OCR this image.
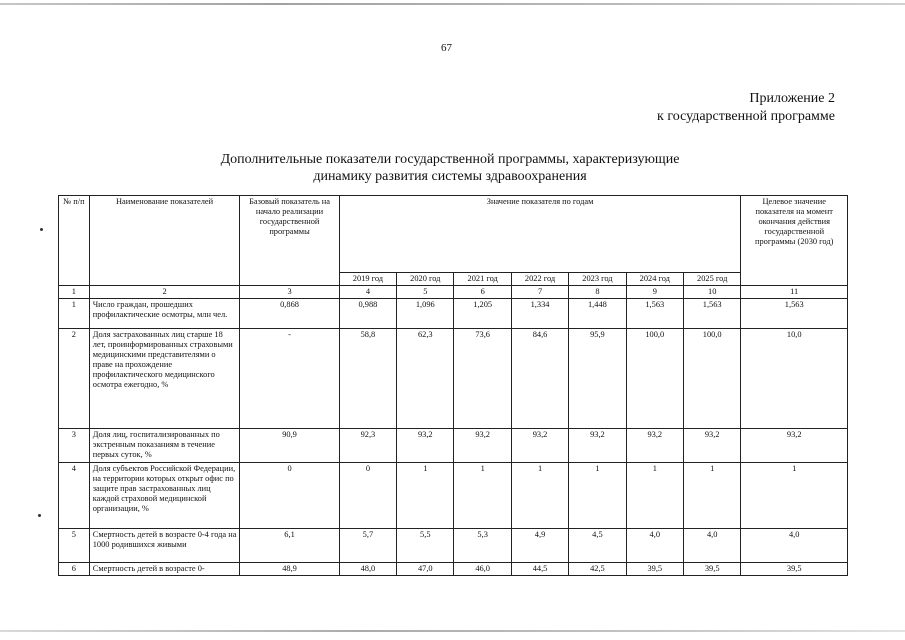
67
Приложение 2
к государственной программе
Дополнительные показатели государственной программы, характеризующие
динамику развития системы здравоохранения
№ п/п	Наименование показателей	Базовый показатель на начало реализации государственной программы	Значение показателя по годам							Целевое значение показателя на момент окончания действия государственной программы (2030 год)
			2019 год	2020 год	2021 год	2022 год	2023 год	2024 год	2025 год	
1	2	3	4	5	6	7	8	9	10	11
1	Число граждан, прошедших профилактические осмотры, млн чел.	0,868	0,988	1,096	1,205	1,334	1,448	1,563	1,563	1,563
2	Доля застрахованных лиц старше 18 лет, проинформированных страховыми медицинскими представителями о праве на прохождение профилактического медицинского осмотра ежегодно, %	-	58,8	62,3	73,6	84,6	95,9	100,0	100,0	10,0
3	Доля лиц, госпитализированных по экстренным показаниям в течение первых суток, %	90,9	92,3	93,2	93,2	93,2	93,2	93,2	93,2	93,2
4	Доля субъектов Российской Федерации, на территории которых открыт офис по защите прав застрахованных лиц каждой страховой медицинской организации, %	0	0	1	1	1	1	1	1	1
5	Смертность детей в возрасте 0-4 года на 1000 родившихся живыми	6,1	5,7	5,5	5,3	4,9	4,5	4,0	4,0	4,0
6	Смертность детей в возрасте 0-	48,9	48,0	47,0	46,0	44,5	42,5	39,5	39,5	39,5
